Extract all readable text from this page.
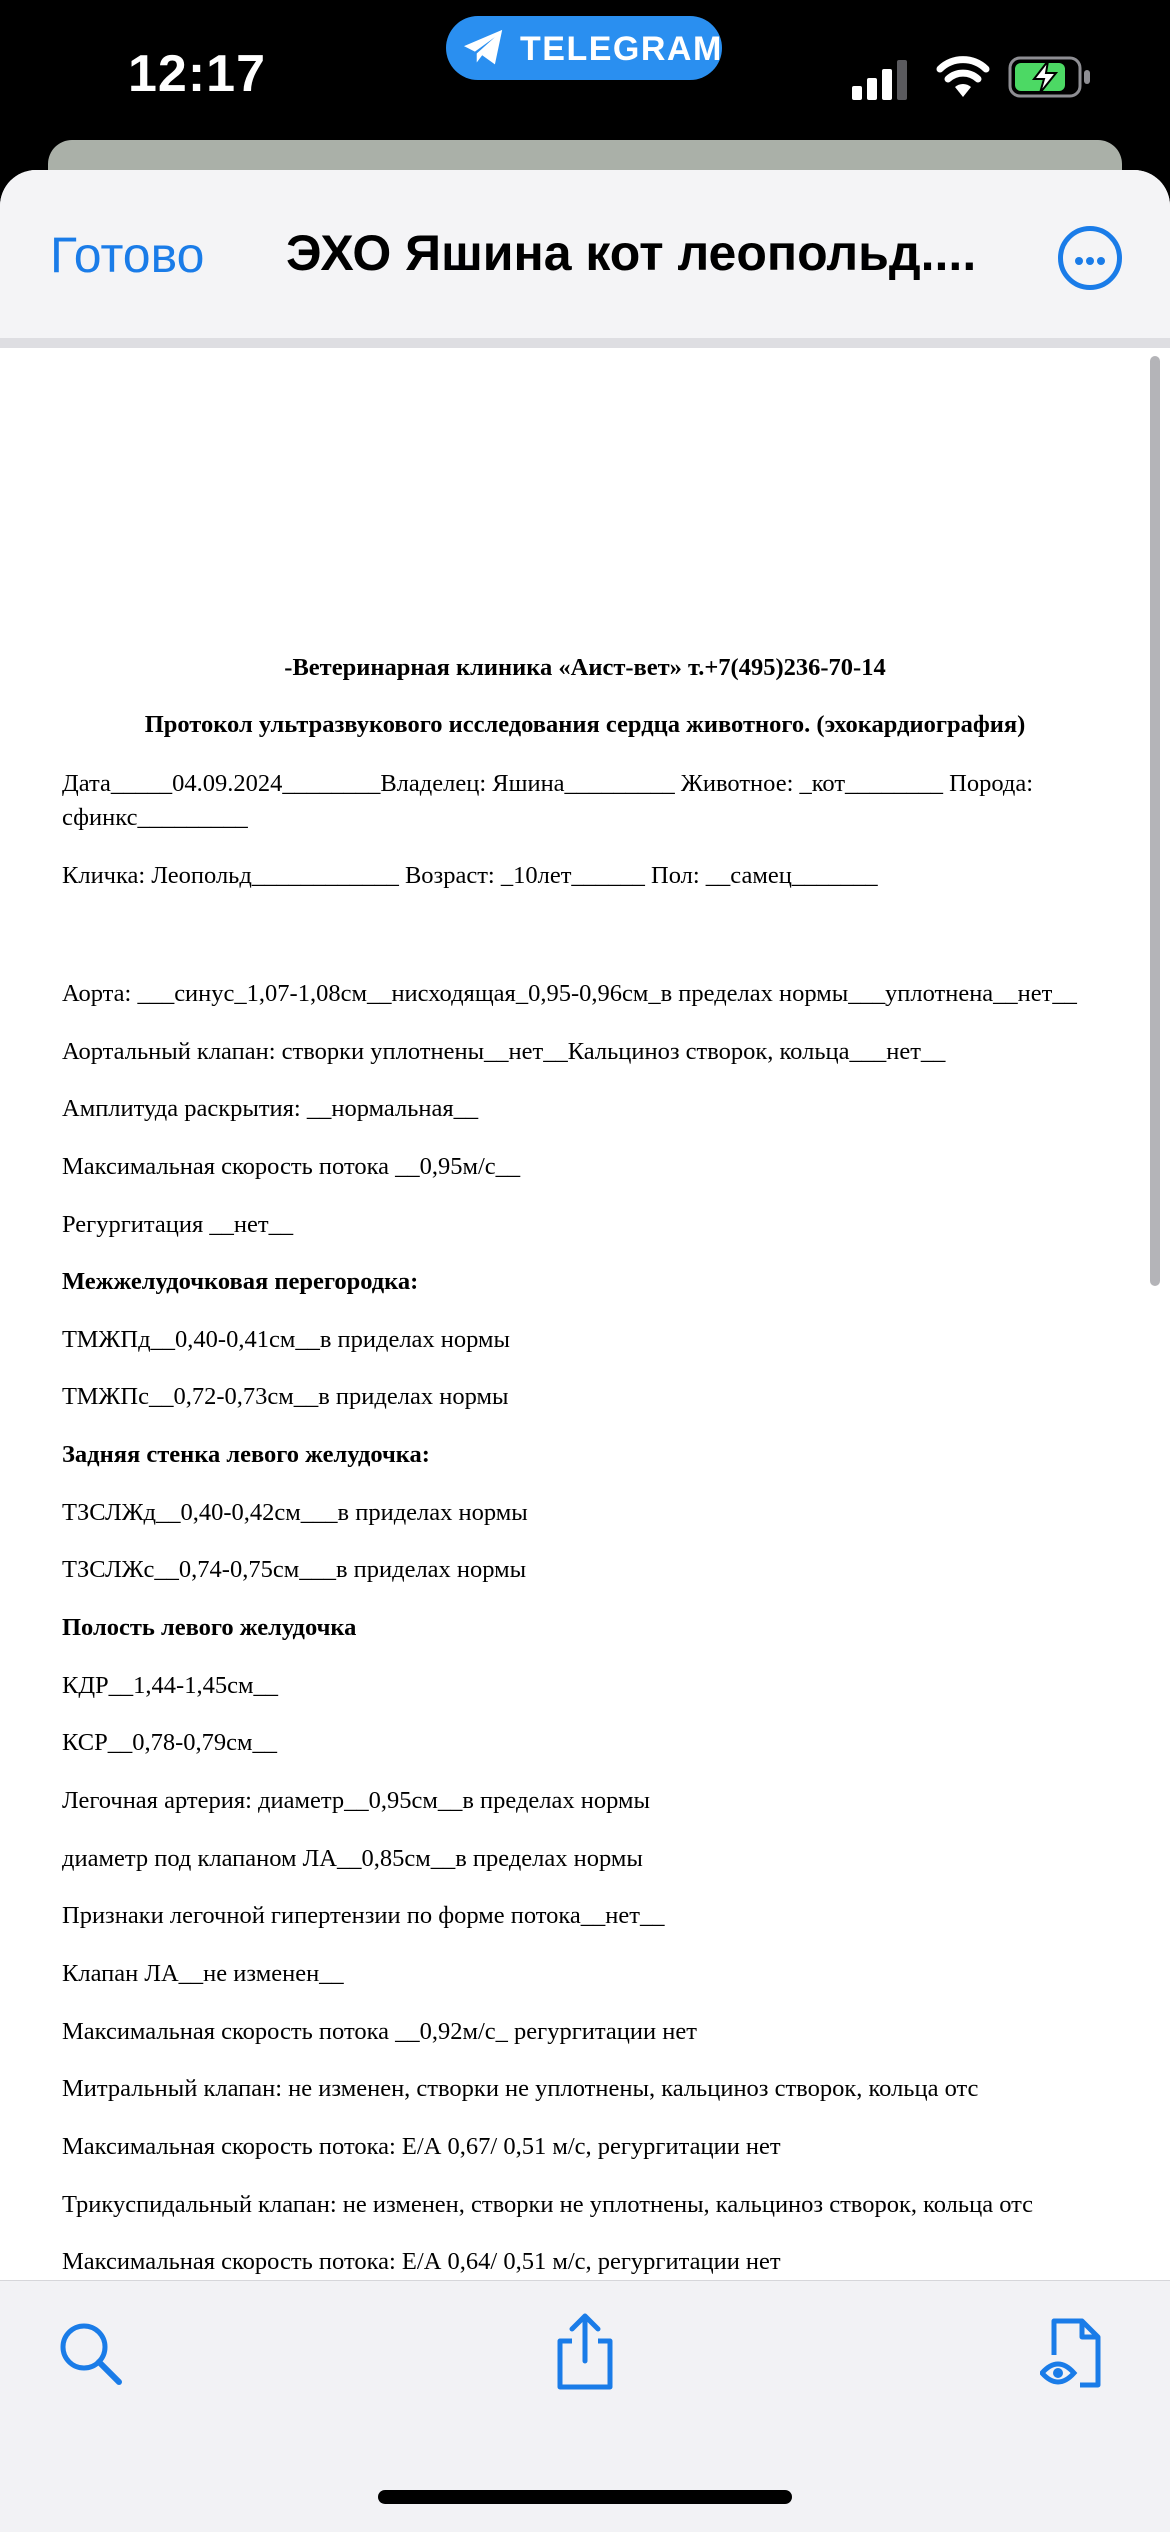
12:17	TELEGRAM
Готово ЭХО Яшина кот леопольд....
-Ветеринарная клиника «Аист-вет» т.+7(495)236-70-14
Протокол ультразвукового исследования сердца животного. (эхокардиография)
Дата_____04.09.2024________Владелец: Яшина_________ Животное: _кот________ Порода:
сфинкс_________
Кличка: Леопольд____________ Возраст: _10лет______ Пол: __самец_______
Аорта: ___синус_1,07-1,08см__нисходящая_0,95-0,96см_в пределах нормы___уплотнена__нет__
Аортальный клапан: створки уплотнены__нет__Кальциноз створок, кольца___нет__
Амплитуда раскрытия: __нормальная__
Максимальная скорость потока __0,95м/с__
Регургитация __нет__
Межжелудочковая перегородка:
ТМЖПд__0,40-0,41см__в приделах нормы
ТМЖПс__0,72-0,73см__в приделах нормы
Задняя стенка левого желудочка:
ТЗСЛЖд__0,40-0,42см___в приделах нормы
ТЗСЛЖс__0,74-0,75см___в приделах нормы
Полость левого желудочка
КДР__1,44-1,45см__
КСР__0,78-0,79см__
Легочная артерия: диаметр__0,95см__в пределах нормы
диаметр под клапаном ЛА__0,85см__в пределах нормы
Признаки легочной гипертензии по форме потока__нет__
Клапан ЛА__не изменен__
Максимальная скорость потока __0,92м/с_ регургитации нет
Митральный клапан: не изменен, створки не уплотнены, кальциноз створок, кольца отс
Максимальная скорость потока: Е/А 0,67/ 0,51 м/с, регургитации нет
Трикуспидальный клапан: не изменен, створки не уплотнены, кальциноз створок, кольца отс
Максимальная скорость потока: Е/А 0,64/ 0,51 м/с, регургитации нет
